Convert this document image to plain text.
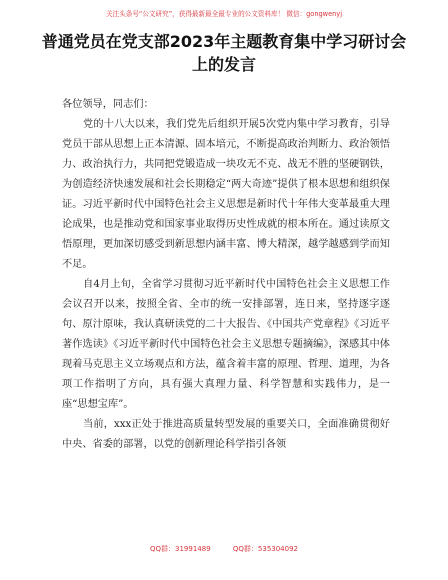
关注头条号“公文研究”，获得最新最全最专业的公文资料库！ 微信：gongwenyj
普通党员在党支部2023年主题教育集中学习研讨会上的发言

各位领导，同志们：

党的十八大以来，我们党先后组织开展5次党内集中学习教育，引导党员干部从思想上正本清源、固本培元，不断提高政治判断力、政治领悟力、政治执行力，共同把党锻造成一块攻无不克、战无不胜的坚硬钢铁，为创造经济快速发展和社会长期稳定“两大奇迹”提供了根本思想和组织保证。习近平新时代中国特色社会主义思想是新时代十年伟大变革最重大理论成果，也是推动党和国家事业取得历史性成就的根本所在。通过读原文悟原理，更加深切感受到新思想内涵丰富、博大精深，越学越感到学而知不足。

自4月上旬，全省学习贯彻习近平新时代中国特色社会主义思想工作会议召开以来，按照全省、全市的统一安排部署，连日来，坚持逐字逐句、原汁原味，我认真研读党的二十大报告、《中国共产党章程》《习近平著作选读》《习近平新时代中国特色社会主义思想专题摘编》，深感其中体现着马克思主义立场观点和方法，蕴含着丰富的原理、哲理、道理，为各项工作指明了方向，具有强大真理力量、科学智慧和实践伟力，是一座“思想宝库”。

当前，xxx正处于推进高质量转型发展的重要关口，全面准确贯彻好中央、省委的部署，以党的创新理论科学指引各领

QQ群：31991489	QQ群：535304092
